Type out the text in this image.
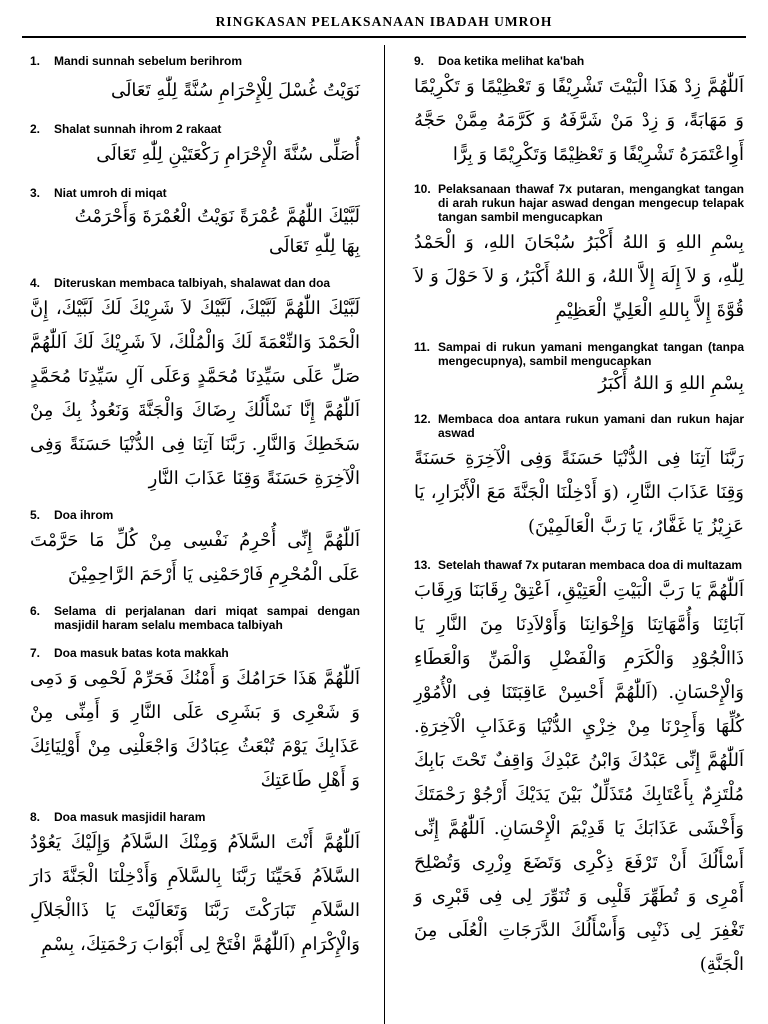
RINGKASAN PELAKSANAAN IBADAH UMROH
1.	Mandi sunnah sebelum berihrom
نَوَيْتُ غُسْلَ لِلْإِحْرَامِ سُنَّةً لِلّٰهِ تَعَالَى
2.	Shalat sunnah ihrom 2 rakaat
أُصَلِّى سُنَّةَ الْإِحْرَامِ رَكْعَتَيْنِ لِلّٰهِ تَعَالَى
3.	Niat umroh di miqat
لَبَّيْكَ اللّٰهُمَّ عُمْرَةً نَوَيْتُ الْعُمْرَةَ وَأَحْرَمْتُ بِهَا لِلّٰهِ تَعَالَى
4.	Diteruskan membaca talbiyah, shalawat dan doa
لَبَّيْكَ اللّٰهُمَّ لَبَّيْكَ، لَبَّيْكَ لاَ شَرِيْكَ لَكَ لَبَّيْكَ، إِنَّ الْحَمْدَ وَالنِّعْمَةَ لَكَ وَالْمُلْكَ، لاَ شَرِيْكَ لَكَ اَللّٰهُمَّ صَلِّ عَلَى سَيِّدِنَا مُحَمَّدٍ وَعَلَى آلِ سَيِّدِنَا مُحَمَّدٍ اَللّٰهُمَّ إِنَّا نَسْأَلُكَ رِضَاكَ وَالْجَنَّةَ وَنَعُوذُ بِكَ مِنْ سَخَطِكَ وَالنَّارِ. رَبَّنَا آتِنَا فِى الدُّنْيَا حَسَنَةً وَفِى الْآخِرَةِ حَسَنَةً وَقِنَا عَذَابَ النَّارِ
5.	Doa ihrom
اَللّٰهُمَّ إِنِّى أُحْرِمُ نَفْسِى مِنْ كُلِّ مَا حَرَّمْتَ عَلَى الْمُحْرِمِ فَارْحَمْنِى يَا أَرْحَمَ الرَّاحِمِيْنَ
6.	Selama di perjalanan dari miqat sampai dengan masjidil haram selalu membaca talbiyah
7.	Doa masuk batas kota makkah
اَللّٰهُمَّ هَذَا حَرَامُكَ وَ أَمْنُكَ فَحَرِّمْ لَحْمِى وَ دَمِى وَ شَعْرِى وَ بَشَرِى عَلَى النَّارِ وَ أَمِنِّى مِنْ عَذَابِكَ يَوْمَ تُبْعَثُ عِبَادُكَ وَاجْعَلْنِى مِنْ أَوْلِيَائِكَ وَ أَهْلِ طَاعَتِكَ
8.	Doa masuk masjidil haram
اَللّٰهُمَّ أَنْتَ السَّلاَمُ وَمِنْكَ السَّلاَمُ وَإِلَيْكَ يَعُوْدُ السَّلاَمُ فَحَيِّنَا رَبَّنَا بِالسَّلاَمِ وَأَدْخِلْنَا الْجَنَّةَ دَارَ السَّلاَمِ تَبَارَكْتَ رَبَّنَا وَتَعَالَيْتَ يَا ذَاالْجَلاَلِ وَالْإِكْرَامِ (اَللّٰهُمَّ افْتَحْ لِى أَبْوَابَ رَحْمَتِكَ، بِسْمِ
9.	Doa ketika melihat ka'bah
اَللّٰهُمَّ زِدْ هَذَا الْبَيْتَ تَشْرِيْفًا وَ تَعْظِيْمًا وَ تَكْرِيْمًا وَ مَهَابَةً، وَ زِدْ مَنْ شَرَّفَهُ وَ كَرَّمَهُ مِمَّنْ حَجَّهُ أَوِاعْتَمَرَهُ تَشْرِيْفًا وَ تَعْظِيْمًا وَتَكْرِيْمًا وَ بِرًّا
10. Pelaksanaan thawaf 7x putaran, mengangkat tangan di arah rukun hajar aswad dengan mengecup telapak tangan sambil mengucapkan
بِسْمِ اللهِ وَ اللهُ أَكْبَرُ سُبْحَانَ اللهِ، وَ الْحَمْدُ لِلّٰهِ، وَ لاَ إِلَهَ إِلاَّ اللهُ، وَ اللهُ أَكْبَرُ، وَ لاَ حَوْلَ وَ لاَ قُوَّةَ إِلاَّ بِاللهِ الْعَلِيِّ الْعَظِيْمِ
11. Sampai di rukun yamani mengangkat tangan (tanpa mengecupnya), sambil mengucapkan
بِسْمِ اللهِ وَ اللهُ أَكْبَرُ
12. Membaca doa antara rukun yamani dan rukun hajar aswad
رَبَّنَا آتِنَا فِى الدُّنْيَا حَسَنَةً وَفِى الْآخِرَةِ حَسَنَةً وَقِنَا عَذَابَ النَّارِ، (وَ أَدْخِلْنَا الْجَنَّةَ مَعَ الْأَبْرَارِ، يَا عَزِيْزُ يَا غَفَّارُ، يَا رَبَّ الْعَالَمِيْنَ)
13. Setelah thawaf 7x putaran membaca doa di multazam
اَللّٰهُمَّ يَا رَبَّ الْبَيْتِ الْعَتِيْقِ، اَعْتِقْ رِقَابَنَا وَرِقَابَ آبَائِنَا وَأُمَّهَاتِنَا وَإِخْوَانِنَا وَأَوْلاَدِنَا مِنَ النَّارِ يَا ذَاالْجُوْدِ وَالْكَرَمِ وَالْفَضْلِ وَالْمَنِّ وَالْعَطَاءِ وَالْإِحْسَانِ. (اَللّٰهُمَّ أَحْسِنْ عَاقِبَتَنَا فِى الْأُمُوْرِ كُلِّهَا وَأَجِرْنَا مِنْ خِزْيِ الدُّنْيَا وَعَذَابِ الْآخِرَةِ. اَللّٰهُمَّ إِنِّى عَبْدُكَ وَابْنُ عَبْدِكَ وَاقِفٌ تَحْتَ بَابِكَ مُلْتَزِمٌ بِأَعْتَابِكَ مُتَذَلِّلٌ بَيْنَ يَدَيْكَ أَرْجُوْ رَحْمَتَكَ وَأَخْشَى عَذَابَكَ يَا قَدِيْمَ الْإِحْسَانِ. اَللّٰهُمَّ إِنِّى أَسْأَلُكَ أَنْ تَرْفَعَ ذِكْرِى وَتَضَعَ وِزْرِى وَتُصْلِحَ أَمْرِى وَ تُطَهِّرَ قَلْبِى وَ تُنَوِّرَ لِى فِى قَبْرِى وَ تَغْفِرَ لِى ذَنْبِى وَأَسْأَلُكَ الدَّرَجَاتِ الْعُلَى مِنَ الْجَنَّةِ)
